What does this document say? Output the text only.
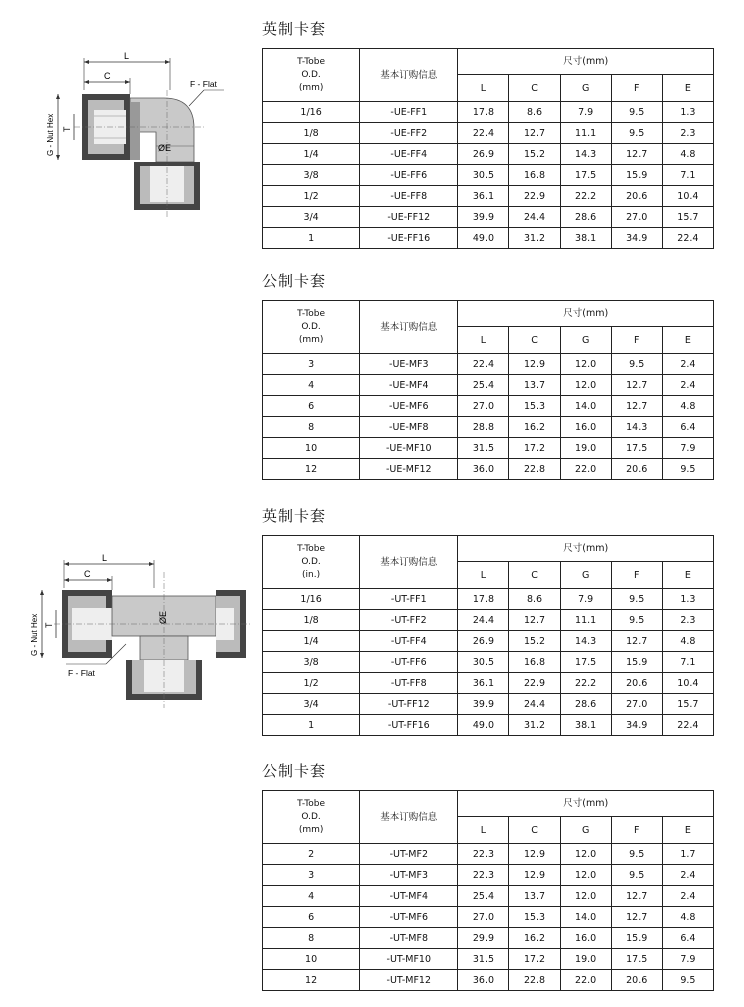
L
C
G - Nut Hex T
ØE
F - Flat
L
C
G - Nut Hex T
ØE
F - Flat
英制卡套
T-Tobe
O.D.
(mm)	基本订购信息	尺寸(mm)				
		L	C	G	F	E
1/16	-UE-FF1	17.8	8.6	7.9	9.5	1.3
1/8	-UE-FF2	22.4	12.7	11.1	9.5	2.3
1/4	-UE-FF4	26.9	15.2	14.3	12.7	4.8
3/8	-UE-FF6	30.5	16.8	17.5	15.9	7.1
1/2	-UE-FF8	36.1	22.9	22.2	20.6	10.4
3/4	-UE-FF12	39.9	24.4	28.6	27.0	15.7
1	-UE-FF16	49.0	31.2	38.1	34.9	22.4
公制卡套
T-Tobe
O.D.
(mm)	基本订购信息	尺寸(mm)				
		L	C	G	F	E
3	-UE-MF3	22.4	12.9	12.0	9.5	2.4
4	-UE-MF4	25.4	13.7	12.0	12.7	2.4
6	-UE-MF6	27.0	15.3	14.0	12.7	4.8
8	-UE-MF8	28.8	16.2	16.0	14.3	6.4
10	-UE-MF10	31.5	17.2	19.0	17.5	7.9
12	-UE-MF12	36.0	22.8	22.0	20.6	9.5
英制卡套
T-Tobe
O.D.
(in.)	基本订购信息	尺寸(mm)				
		L	C	G	F	E
1/16	-UT-FF1	17.8	8.6	7.9	9.5	1.3
1/8	-UT-FF2	24.4	12.7	11.1	9.5	2.3
1/4	-UT-FF4	26.9	15.2	14.3	12.7	4.8
3/8	-UT-FF6	30.5	16.8	17.5	15.9	7.1
1/2	-UT-FF8	36.1	22.9	22.2	20.6	10.4
3/4	-UT-FF12	39.9	24.4	28.6	27.0	15.7
1	-UT-FF16	49.0	31.2	38.1	34.9	22.4
公制卡套
T-Tobe
O.D.
(mm)	基本订购信息	尺寸(mm)				
		L	C	G	F	E
2	-UT-MF2	22.3	12.9	12.0	9.5	1.7
3	-UT-MF3	22.3	12.9	12.0	9.5	2.4
4	-UT-MF4	25.4	13.7	12.0	12.7	2.4
6	-UT-MF6	27.0	15.3	14.0	12.7	4.8
8	-UT-MF8	29.9	16.2	16.0	15.9	6.4
10	-UT-MF10	31.5	17.2	19.0	17.5	7.9
12	-UT-MF12	36.0	22.8	22.0	20.6	9.5
